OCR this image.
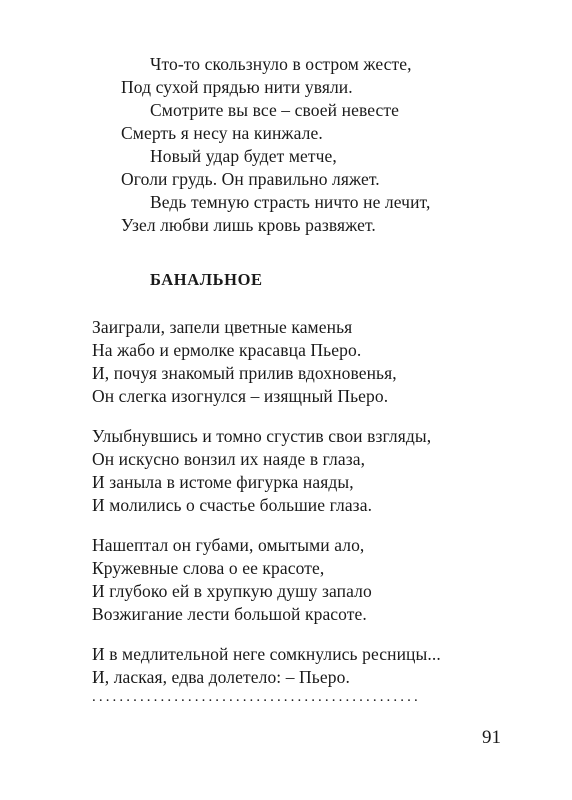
Что-то скользнуло в остром жесте,
Под сухой прядью нити увяли.
Смотрите вы все – своей невесте
Смерть я несу на кинжале.
Новый удар будет метче,
Оголи грудь. Он правильно ляжет.
Ведь темную страсть ничто не лечит,
Узел любви лишь кровь развяжет.
БАНАЛЬНОЕ
Заиграли, запели цветные каменья
На жабо и ермолке красавца Пьеро.
И, почуя знакомый прилив вдохновенья,
Он слегка изогнулся – изящный Пьеро.
Улыбнувшись и томно сгустив свои взгляды,
Он искусно вонзил их наяде в глаза,
И заныла в истоме фигурка наяды,
И молились о счастье большие глаза.
Нашептал он губами, омытыми ало,
Кружевные слова о ее красоте,
И глубоко ей в хрупкую душу запало
Возжигание лести большой красоте.
И в медлительной неге сомкнулись ресницы...
И, лаская, едва долетело: – Пьеро.
................................................
91
